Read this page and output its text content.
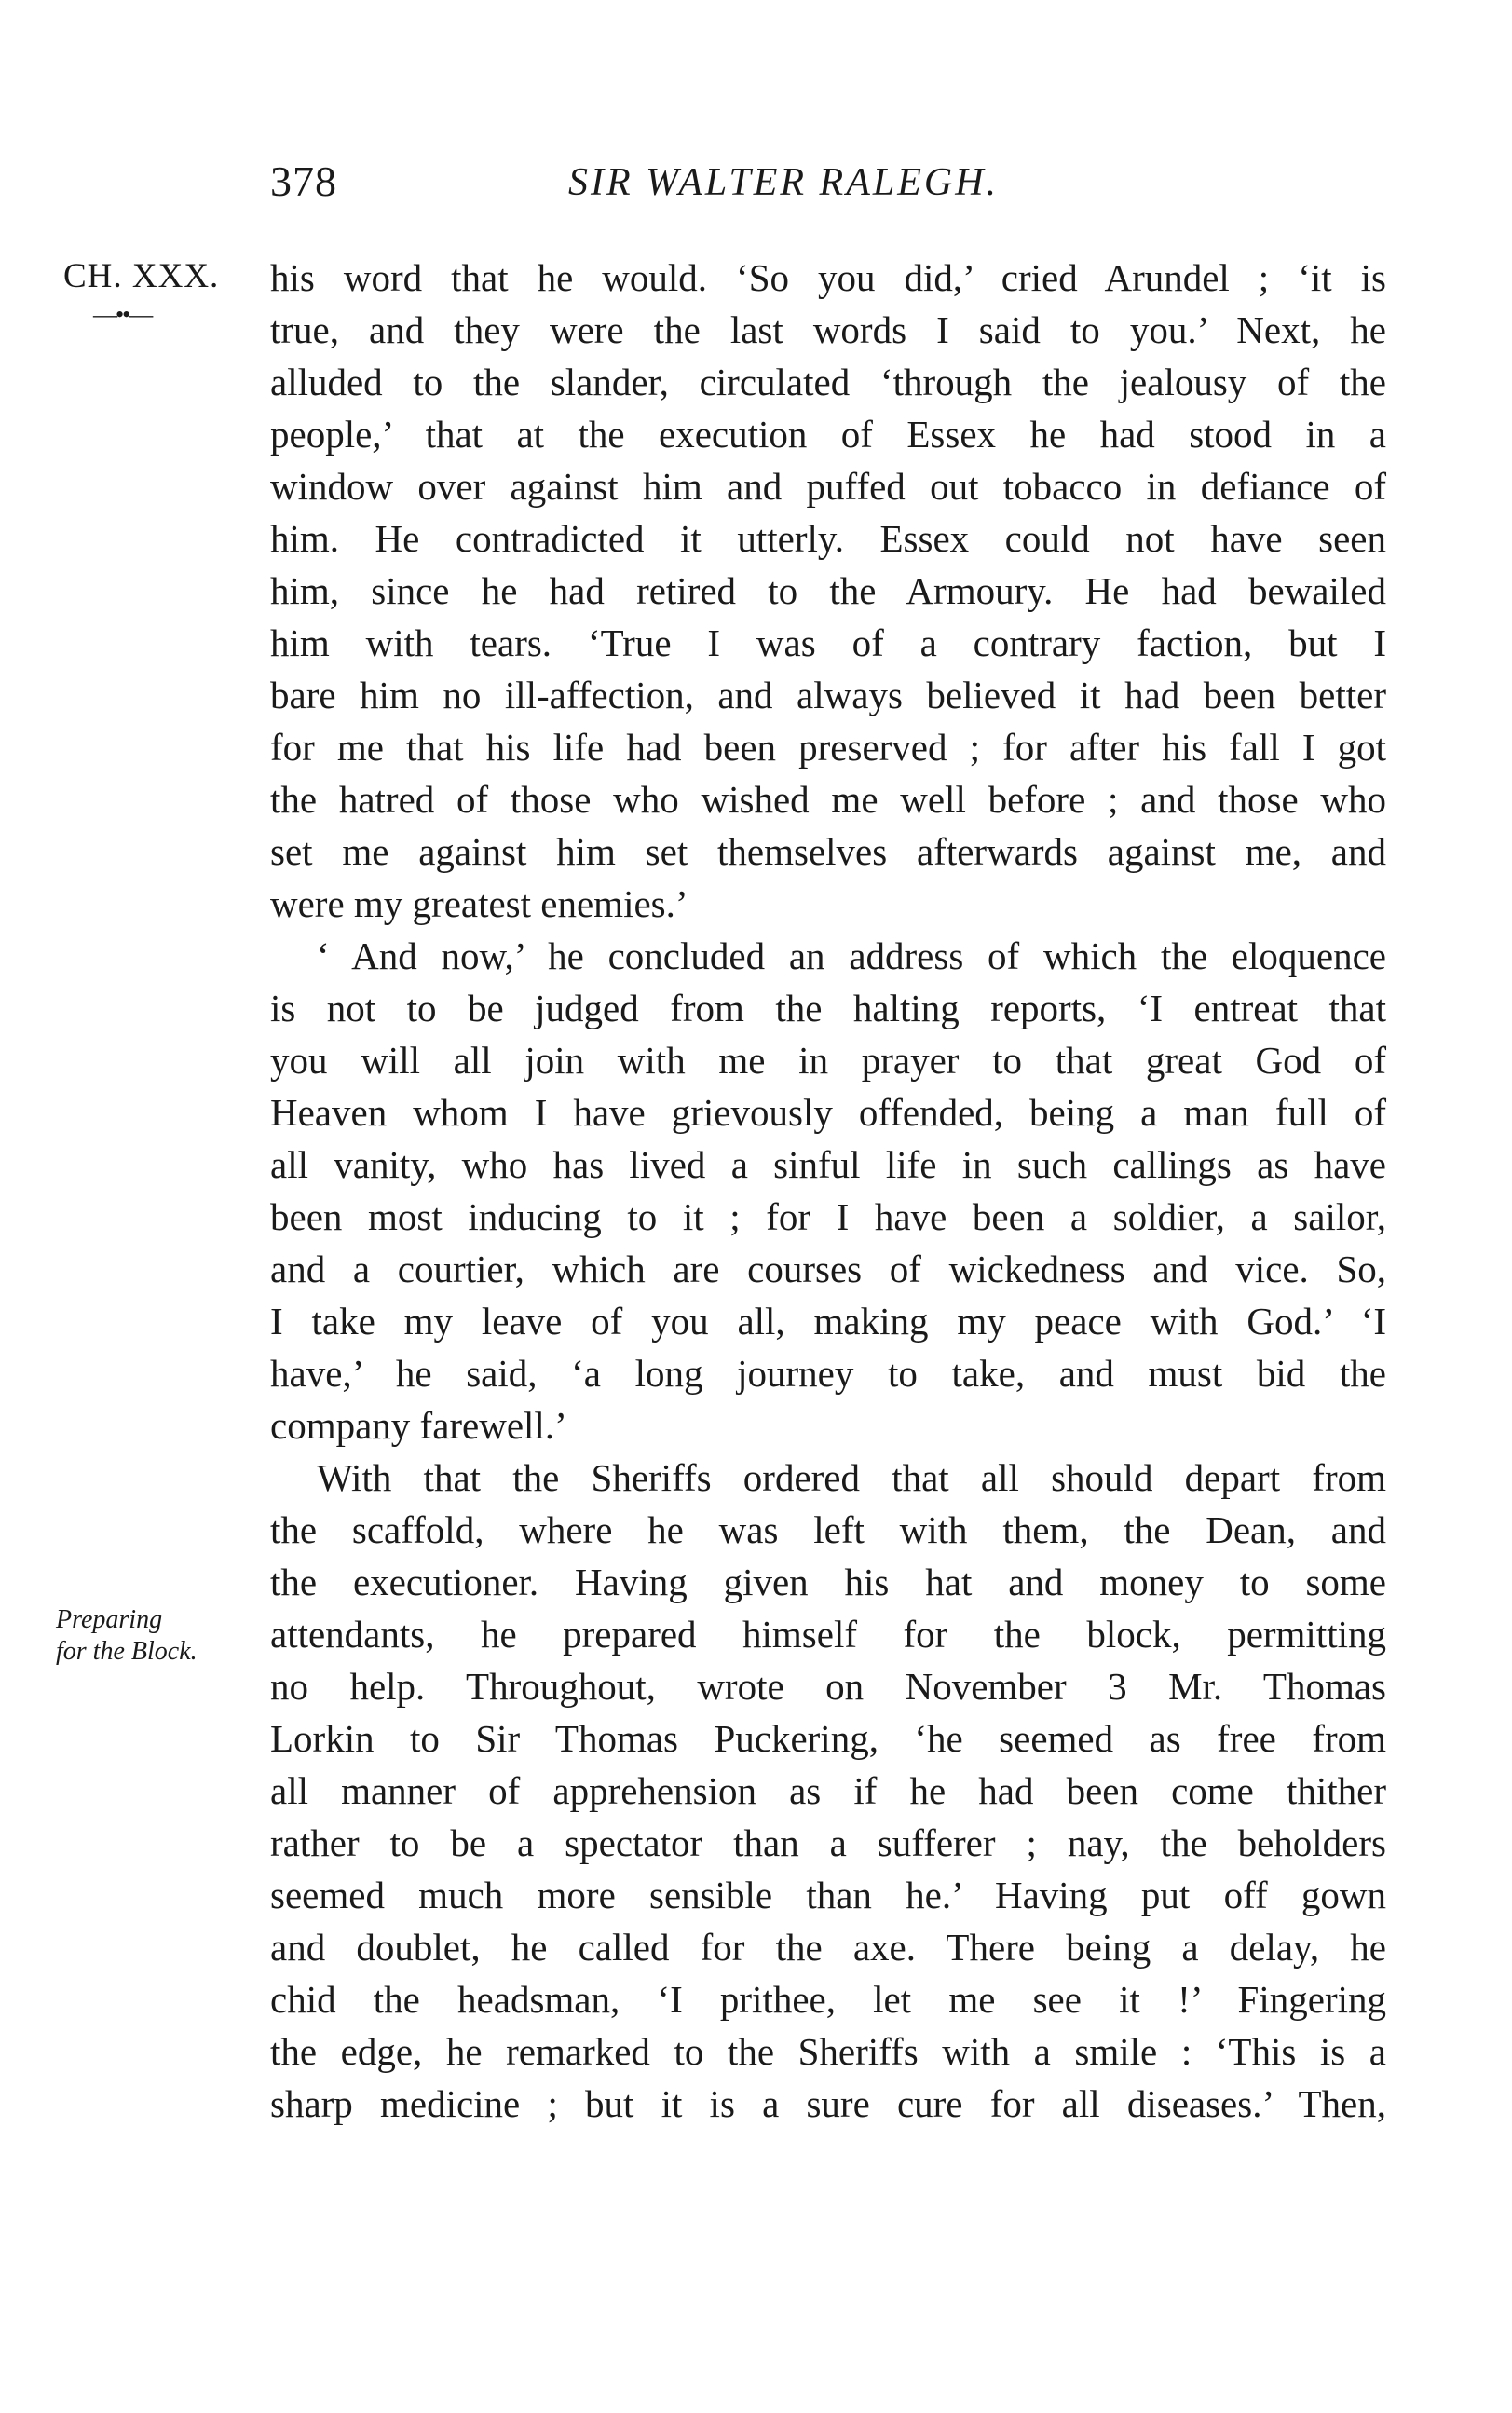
378	SIR WALTER RALEGH.
CH. XXX.
—••—
Preparing
for the Block.
his word that he would. ‘So you did,’ cried Arundel ; ‘it is
true, and they were the last words I said to you.’ Next, he
alluded to the slander, circulated ‘through the jealousy of the
people,’ that at the execution of Essex he had stood in a
window over against him and puffed out tobacco in defiance of
him. He contradicted it utterly. Essex could not have seen
him, since he had retired to the Armoury. He had bewailed
him with tears. ‘True I was of a contrary faction, but I
bare him no ill-affection, and always believed it had been better
for me that his life had been preserved ; for after his fall I got
the hatred of those who wished me well before ; and those who
set me against him set themselves afterwards against me, and
were my greatest enemies.’
‘ And now,’ he concluded an address of which the eloquence
is not to be judged from the halting reports, ‘I entreat that
you will all join with me in prayer to that great God of
Heaven whom I have grievously offended, being a man full of
all vanity, who has lived a sinful life in such callings as have
been most inducing to it ; for I have been a soldier, a sailor,
and a courtier, which are courses of wickedness and vice. So,
I take my leave of you all, making my peace with God.’ ‘I
have,’ he said, ‘a long journey to take, and must bid the
company farewell.’
With that the Sheriffs ordered that all should depart from
the scaffold, where he was left with them, the Dean, and
the executioner. Having given his hat and money to some
attendants, he prepared himself for the block, permitting
no help. Throughout, wrote on November 3 Mr. Thomas
Lorkin to Sir Thomas Puckering, ‘he seemed as free from
all manner of apprehension as if he had been come thither
rather to be a spectator than a sufferer ; nay, the beholders
seemed much more sensible than he.’ Having put off gown
and doublet, he called for the axe. There being a delay, he
chid the headsman, ‘I prithee, let me see it !’ Fingering
the edge, he remarked to the Sheriffs with a smile : ‘This is a
sharp medicine ; but it is a sure cure for all diseases.’ Then,
